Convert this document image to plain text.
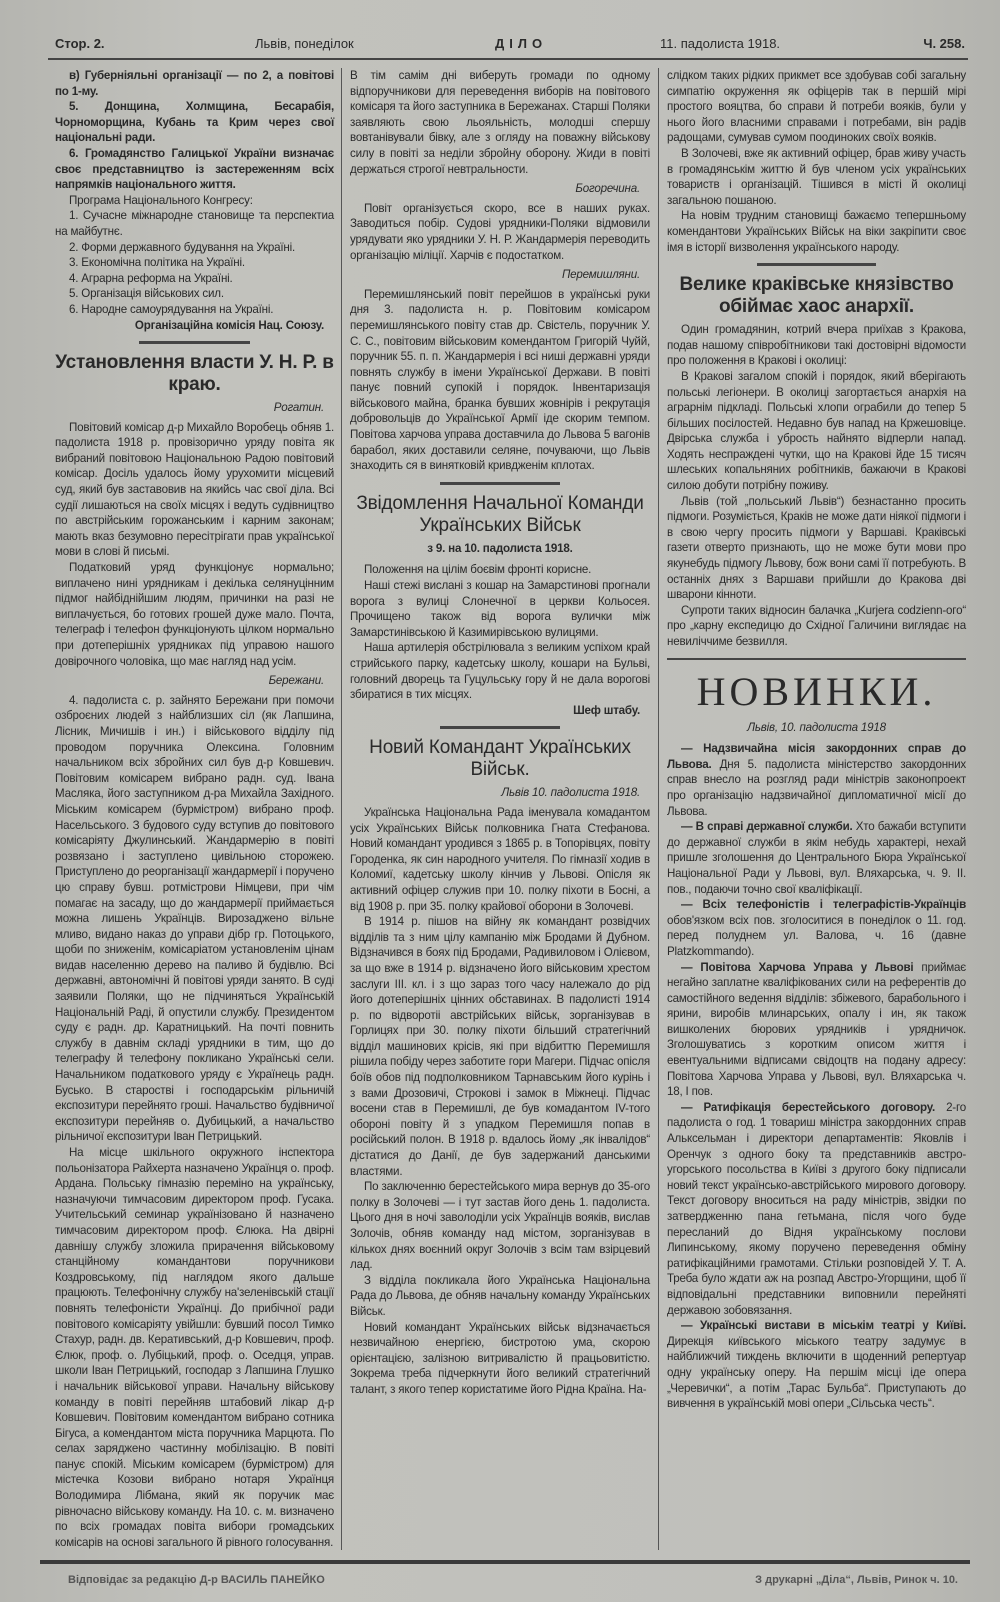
Стор. 2.	Львів, понеділок	ДІЛО	11. падолиста 1918.	Ч. 258.

в) Губерніяльні організації — по 2, а повітові по 1-му.

5. Донщина, Холмщина, Бесарабія, Чорноморщина, Кубань та Крим через свої національні ради.

6. Громадянство Галицької України визначає своє представництво із застереженням всіх напрямків національного життя.

Програма Національного Конгресу:

1. Сучасне міжнародне становище та перспектиа на майбутнє.

2. Форми державного будування на Україні.

3. Економічна політика на Україні.

4. Аграрна реформа на Україні.

5. Організація військових сил.

6. Народне самоурядування на Україні.

Організаційна комісія Нац. Союзу.

Установлення власти У. Н. Р. в краю.
Рогатин.

Повітовий комісар д-р Михайло Воробець обняв 1. падолиста 1918 р. провізорично уряду повіта як вибраний повітовою Національною Радою повітовий комісар. Досіль удалось йому урухомити місцевий суд, який був заставовив на якийсь час свої діла. Всі судії лишаються на своїх місцях і ведуть судівництво по австрійським горожанським і карним законам; мають вказ безумовно пересітрігати прав української мови в слові й письмі.

Податковий уряд функціонує нормально; виплачено нині урядникам і декілька селянуцінним підмог найбіднійшим людям, причинки на разі не виплачується, бо готових грошей дуже мало. Почта, телеграф і телефон функціонують цілком нормально при дотеперішніх урядниках під управою нашого довірочного чоловіка, що має нагляд над усім.

Бережани.

4. падолиста с. р. зайнято Бережани при помочи озброєних людей з найблизших сіл (як Лапшина, Лісник, Мичишів і ин.) і військового відділу під проводом поручника Олексина. Головним начальником всіх збройних сил був д-р Ковшевич. Повітовим комісарем вибрано радн. суд. Івана Масляка, його заступником д-ра Михайла Західного. Міським комісарем (бурмістром) вибрано проф. Насельського. З будового суду вступив до повітового комісаріяту Джулинський. Жандармерію в повіті розвязано і заступлено цивільною сторожею. Приступлено до реорганізації жандармерії і поручено цю справу бувш. ротмістрови Німцеви, при чім помагає на засаду, що до жандармерії приймається можна лишень Українців. Вирозаджено вільне мливо, видано наказ до управи дібр гр. Потоцького, щоби по зниженім, комісаріатом установленім цінам видав населенню дерево на паливо й будівлю. Всі державні, автономічні й повітові уряди занято. В суді заявили Поляки, що не підчиняться Українській Національній Раді, й опустили службу. Президентом суду є радн. др. Каратницький. На почті повнить службу в давнім складі урядники в тим, що до телеграфу й телефону покликано Українські сели. Начальником податкового уряду є Українець радн. Бусько. В старостві і господарськім рільничій експозитури перейнято гроші. Начальство будівничої експозитури перейняв о. Дубицький, а начальство рільничої експозитури Іван Петрицький.

На місце шкільного окружного інспектора польонізатора Райхерта назначено Українця о. проф. Ардана. Польську гімназію переміно на українську, назначуючи тимчасовим директором проф. Гусака. Учительський семинар українізовано й назначено тимчасовим директором проф. Єлюка. На двірні давнішу службу зложила прирачення військовому станційному командантови поручникови Коздровському, під наглядом якого дальше працюють. Телефонічну службу на'зеленівській стації повнять телефоністи Українці. До прибічної ради повітового комісаріяту увійшли: бувший посол Тимко Стахур, радн. дв. Керативський, д-р Ковшевич, проф. Єлюк, проф. о. Лубіцький, проф. о. Оседця, управ. школи Іван Петрицький, господар з Лапшина Глушко і начальник військової управи. Начальну військову команду в повіті перейняв штабовий лікар д-р Ковшевич. Повітовим комендантом вибрано сотника Бігуса, а комендантом міста поручника Марцюта. По селах заряджено частинну мобілізацію. В повіті панує спокій. Міським комісарем (бурмістром) для містечка Козови вибрано нотаря Українця Володимира Лібмана, який як поручик має рівночасно військову команду. На 10. с. м. визначено по всіх громадах повіта вибори громадських комісарів на основі загального й рівного голосування.

В тім самім дні виберуть громади по одному відпоручникови для переведення виборів на повітового комісаря та його заступника в Бережанах. Старші Поляки заявляють свою льояльність, молодші спершу вовтанівували бівку, але з огляду на поважну військову силу в повіті за неділи збройну оборону. Жиди в повіті держаться строгої невтральности.

Богоречина.

Повіт організується скоро, все в наших руках. Заводиться побір. Судові урядники-Поляки відмовили урядувати яко урядники У. Н. Р. Жандармерія переводить організацію міліції. Харчів є подостатком.

Перемишляни.

Перемишлянський повіт перейшов в українські руки дня 3. падолиста н. р. Повітовим комісаром перемишлянського повіту став др. Свістель, поручник У. С. С., повітовим військовим комендантом Григорій Чуйй, поручник 55. п. п. Жандармерія і всі ниші державні уряди повнять службу в імени Української Держави. В повіті панує повний супокій і порядок. Інвентаризація військового майна, бранка бувших жовнірів і рекрутація добровольців до Української Армії іде скорим темпом. Повітова харчова управа доставчила до Львова 5 вагонів барабол, яких доставили селяне, почуваючи, що Львів знаходить ся в винятковій кривдженім кплотах.

Звідомлення Начальної Команди Українських Військ
з 9. на 10. падолиста 1918.

Положення на цілім боєвім фронті корисне.

Наші стежі вислані з кошар на Замарстинові прогнали ворога з вулиці Слонечної в церкви Кольосея. Прочищено також від ворога вулички між Замарстинівською й Казимирівською вулицями.

Наша артилерія обстрілювала з великим успіхом край стрийського парку, кадетську школу, кошари на Бульві, головний дворець та Гуцульську гору й не дала ворогові збиратися в тих місцях.

Шеф штабу.

Новий Командант Українських Військ.
Львів 10. падолиста 1918.

Українська Національна Рада іменувала комадантом усіх Українських Військ полковника Гната Стефанова. Новий командант уродився з 1865 р. в Топорівцях, повіту Городенка, як син народного учителя. По гімназії ходив в Коломиї, кадетську школу кінчив у Львові. Опісля як активний офіцер служив при 10. полку піхоти в Босні, а від 1908 р. при 35. полку крайової оборони в Золочеві.

В 1914 р. пішов на війну як командант розвідчих відділів та з ним цілу кампанію між Бродами й Дубном. Відзначився в боях під Бродами, Радивиловом і Олієвом, за що вже в 1914 р. відзначено його військовим хрестом заслуги III. кл. і з що зараз того часу належало до рід його дотеперішніх цінних обставинах. В падолисті 1914 р. по відворотіі австрійських військ, зорганізував в Горлицях при 30. полку піхоти більший стратегічний відділ машинових крісів, які при відбиттю Перемишля рішила побіду через заботите гори Магери. Підчас опісля боїв обов під подполковником Тарнавським його курінь і з вами Дрозовичі, Строкові і замок в Міжнеці. Підчас восени став в Перемишлі, де був комадантом IV-того обороні повіту й з упадком Перемишля попав в російський полон. В 1918 р. вдалось йому „як інвалідов“ дістатися до Данії, де був задержаний данськими властями.

По заключенню берестейського мира вернув до 35-ого полку в Золочеві — і тут застав його день 1. падолиста. Цього дня в ночі заволоділи усіх Українців вояків, вислав Золочів, обняв команду над містом, зорганізував в кількох днях воєнний округ Золочів з всім там взірцевий лад.

З відділа покликала його Українська Національна Рада до Львова, де обняв начальну команду Українських Військ.

Новий командант Українських військ відзначається незвичайною енергією, бистротою ума, скорою орієнтацією, залізною витривалістю й працьовитістю. Зокрема треба підчеркнути його великий стратегічний талант, з якого тепер користатиме його Рідна Країна. На-

слідком таких рідких прикмет все здобував собі загальну симпатію окруження як офіцерів так в першій мірі простого вояцтва, бо справи й потреби вояків, були у нього його власними справами і потребами, він радів радощами, сумував сумом поодиноких своїх вояків.

В Золочеві, вже як активний офіцер, брав живу участь в громадянськім життю й був членом усіх українських товариств і організацій. Тішився в місті й околиці загальною пошаною.

На новім трудним становищі бажаємо тепершньому комендантови Українських Військ на віки закріпити своє імя в історії визволення українського народу.

Велике краківське князівство обіймає хаос анархії.

Один громадянин, котрий вчера приїхав з Кракова, подав нашому співробітникови такі достовірні відомости про положення в Кракові і околиці:

В Кракові загалом спокій і порядок, який вберігають польські легіонери. В околиці загортається анархія на аграрнім підкладі. Польські хлопи ограбили до тепер 5 більших посілостей. Недавно був напад на Кржешовіце. Двірська служба і убрость найнято відперли напад. Ходять неспраждені чутки, що на Кракові йде 15 тисяч шлеських копальняних робітників, бажаючи в Кракові силою добути потрібну поживу.

Львів (той „польський Львів“) безнастанно просить підмоги. Розуміється, Краків не може дати ніякої підмоги і в свою чергу просить підмоги у Варшаві. Краківські газети отверто признають, що не може бути мови про якунебудь підмогу Львову, бож вони самі її потребують. В останніх днях з Варшави прийшли до Кракова дві шварони кінноти.

Супроти таких відносин балачка „Kurjera codzienn-ого“ про „карну експедицю до Східної Галичини виглядає на невиліччиме безвилля.

НОВИНКИ.
Львів, 10. падолиста 1918

— Надзвичайна місія закордонних справ до Львова. Дня 5. падолиста міністерство закордонних справ внесло на розгляд ради міністрів законопроект про організацію надзвичайної дипломатичної місії до Львова.

— В справі державної служби. Хто бажаби вступити до державної служби в якім небудь характері, нехай пришле зголошення до Центрального Бюра Української Національної Ради у Львові, вул. Вляхарська, ч. 9. II. пов., подаючи точно свої кваліфікації.

— Всіх телефоністів і телеграфістів-Українців обов'язком всіх пов. зголоситися в понеділок о 11. год. перед полуднем ул. Валова, ч. 16 (давне Platzkommando).

— Повітова Харчова Управа у Львові приймає негайно заплатне кваліфікованих сили на референтів до самостійного ведення відділів: збіжевого, барабольного і ярини, виробів млинарських, опалу і ин, як також вишколених бюрових урядників і урядничок. Зголошуватись з коротким описом життя і евентуальними відписами свідоцтв на подану адресу: Повітова Харчова Управа у Львові, вул. Вляхарська ч. 18, I пов.

— Ратифікація берестейського договору. 2-го падолиста о год. 1 товариш міністра закордонних справ Альксельман і директори департаментів: Яковлів і Оренчук з одного боку та представників австро-угорського посольства в Київі з другого боку підписали новий текст українсько-австрійського мирового договору. Текст договору вноситься на раду міністрів, звідки по затвердженню пана гетьмана, після чого буде пересланий до Відня українському послови Липинському, якому поручено переведення обміну ратифікаційними грамотами. Стільки розповідей У. Т. А. Треба було ждати аж на розпад Австро-Угорщини, щоб її відповідальні представники виповнили перейняті державою зобовязання.

— Українські вистави в міськім театрі у Київі. Дирекція київського міського театру задумує в найближчий тиждень включити в щоденний репертуар одну українську оперу. На першім місці іде опера „Черевички“, а потім „Тарас Бульба“. Приступають до вивчення в українській мові опери „Сільська честь“.

Відповідає за редакцію Д-р ВАСИЛЬ ПАНЕЙКО	З друкарні „Діла“, Львів, Ринок ч. 10.
